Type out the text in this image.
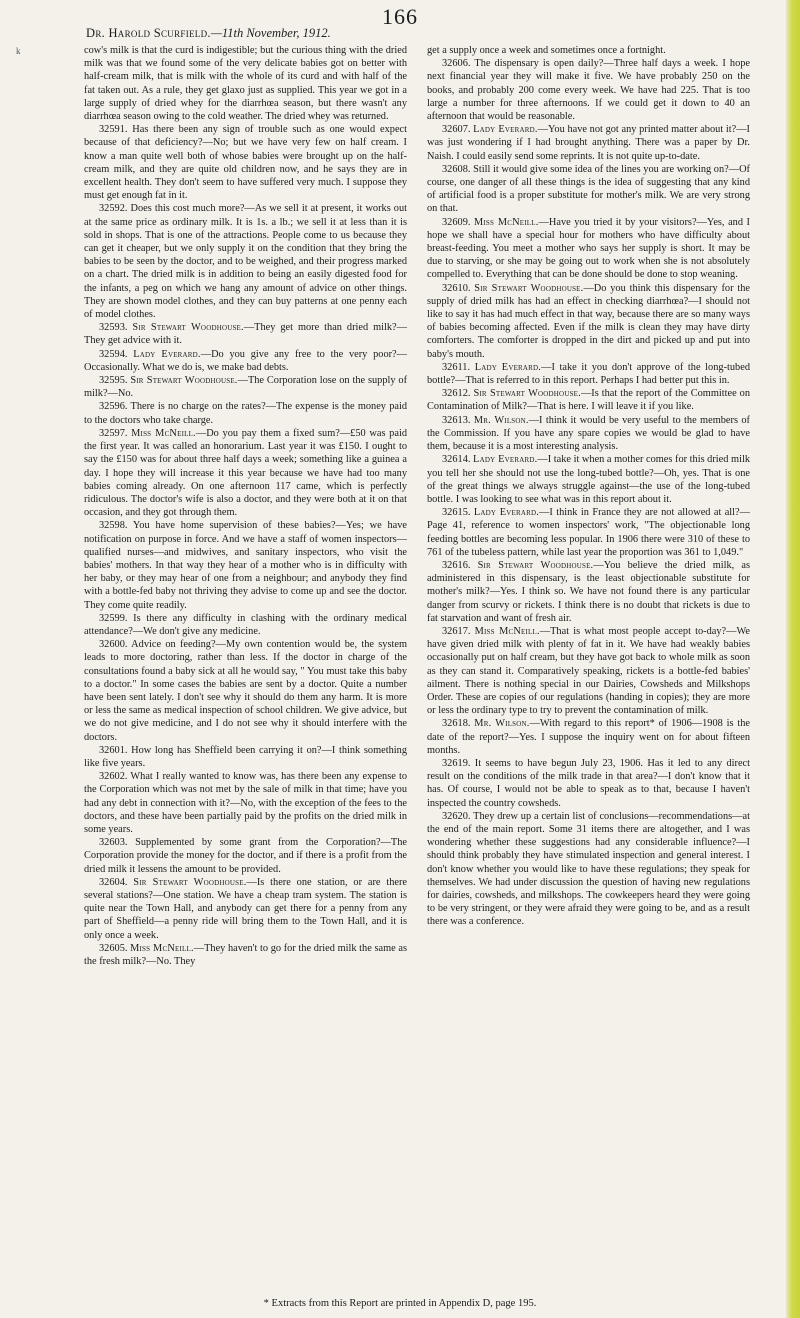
166
k
Dr. Harold Scurfield.—11th November, 1912.

cow's milk is that the curd is indigestible; but the curious thing with the dried milk was that we found some of the very delicate babies got on better with half-cream milk, that is milk with the whole of its curd and with half of the fat taken out. As a rule, they get glaxo just as supplied. This year we got in a large supply of dried whey for the diarrhœa season, but there wasn't any diarrhœa season owing to the cold weather. The dried whey was returned.

32591. Has there been any sign of trouble such as one would expect because of that deficiency?—No; but we have very few on half cream. I know a man quite well both of whose babies were brought up on the half-cream milk, and they are quite old children now, and he says they are in excellent health. They don't seem to have suffered very much. I suppose they must get enough fat in it.

32592. Does this cost much more?—As we sell it at present, it works out at the same price as ordinary milk. It is 1s. a lb.; we sell it at less than it is sold in shops. That is one of the attractions. People come to us because they can get it cheaper, but we only supply it on the condition that they bring the babies to be seen by the doctor, and to be weighed, and their progress marked on a chart. The dried milk is in addition to being an easily digested food for the infants, a peg on which we hang any amount of advice on other things. They are shown model clothes, and they can buy patterns at one penny each of model clothes.

32593. Sir Stewart Woodhouse.—They get more than dried milk?—They get advice with it.

32594. Lady Everard.—Do you give any free to the very poor?—Occasionally. What we do is, we make bad debts.

32595. Sir Stewart Woodhouse.—The Corporation lose on the supply of milk?—No.

32596. There is no charge on the rates?—The expense is the money paid to the doctors who take charge.

32597. Miss McNeill.—Do you pay them a fixed sum?—£50 was paid the first year. It was called an honorarium. Last year it was £150. I ought to say the £150 was for about three half days a week; something like a guinea a day. I hope they will increase it this year because we have had too many babies coming already. On one afternoon 117 came, which is perfectly ridiculous. The doctor's wife is also a doctor, and they were both at it on that occasion, and they got through them.

32598. You have home supervision of these babies?—Yes; we have notification on purpose in force. And we have a staff of women inspectors—qualified nurses—and midwives, and sanitary inspectors, who visit the babies' mothers. In that way they hear of a mother who is in difficulty with her baby, or they may hear of one from a neighbour; and anybody they find with a bottle-fed baby not thriving they advise to come up and see the doctor. They come quite readily.

32599. Is there any difficulty in clashing with the ordinary medical attendance?—We don't give any medicine.

32600. Advice on feeding?—My own contention would be, the system leads to more doctoring, rather than less. If the doctor in charge of the consultations found a baby sick at all he would say, " You must take this baby to a doctor." In some cases the babies are sent by a doctor. Quite a number have been sent lately. I don't see why it should do them any harm. It is more or less the same as medical inspection of school children. We give advice, but we do not give medicine, and I do not see why it should interfere with the doctors.

32601. How long has Sheffield been carrying it on?—I think something like five years.

32602. What I really wanted to know was, has there been any expense to the Corporation which was not met by the sale of milk in that time; have you had any debt in connection with it?—No, with the exception of the fees to the doctors, and these have been partially paid by the profits on the dried milk in some years.

32603. Supplemented by some grant from the Corporation?—The Corporation provide the money for the doctor, and if there is a profit from the dried milk it lessens the amount to be provided.

32604. Sir Stewart Woodhouse.—Is there one station, or are there several stations?—One station. We have a cheap tram system. The station is quite near the Town Hall, and anybody can get there for a penny from any part of Sheffield—a penny ride will bring them to the Town Hall, and it is only once a week.

32605. Miss McNeill.—They haven't to go for the dried milk the same as the fresh milk?—No. They

get a supply once a week and sometimes once a fortnight.

32606. The dispensary is open daily?—Three half days a week. I hope next financial year they will make it five. We have probably 250 on the books, and probably 200 come every week. We have had 225. That is too large a number for three afternoons. If we could get it down to 40 an afternoon that would be reasonable.

32607. Lady Everard.—You have not got any printed matter about it?—I was just wondering if I had brought anything. There was a paper by Dr. Naish. I could easily send some reprints. It is not quite up-to-date.

32608. Still it would give some idea of the lines you are working on?—Of course, one danger of all these things is the idea of suggesting that any kind of artificial food is a proper substitute for mother's milk. We are very strong on that.

32609. Miss McNeill.—Have you tried it by your visitors?—Yes, and I hope we shall have a special hour for mothers who have difficulty about breast-feeding. You meet a mother who says her supply is short. It may be due to starving, or she may be going out to work when she is not absolutely compelled to. Everything that can be done should be done to stop weaning.

32610. Sir Stewart Woodhouse.—Do you think this dispensary for the supply of dried milk has had an effect in checking diarrhœa?—I should not like to say it has had much effect in that way, because there are so many ways of babies becoming affected. Even if the milk is clean they may have dirty comforters. The comforter is dropped in the dirt and picked up and put into baby's mouth.

32611. Lady Everard.—I take it you don't approve of the long-tubed bottle?—That is referred to in this report. Perhaps I had better put this in.

32612. Sir Stewart Woodhouse.—Is that the report of the Committee on Contamination of Milk?—That is here. I will leave it if you like.

32613. Mr. Wilson.—I think it would be very useful to the members of the Commission. If you have any spare copies we would be glad to have them, because it is a most interesting analysis.

32614. Lady Everard.—I take it when a mother comes for this dried milk you tell her she should not use the long-tubed bottle?—Oh, yes. That is one of the great things we always struggle against—the use of the long-tubed bottle. I was looking to see what was in this report about it.

32615. Lady Everard.—I think in France they are not allowed at all?—Page 41, reference to women inspectors' work, "The objectionable long feeding bottles are becoming less popular. In 1906 there were 310 of these to 761 of the tubeless pattern, while last year the proportion was 361 to 1,049."

32616. Sir Stewart Woodhouse.—You believe the dried milk, as administered in this dispensary, is the least objectionable substitute for mother's milk?—Yes. I think so. We have not found there is any particular danger from scurvy or rickets. I think there is no doubt that rickets is due to fat starvation and want of fresh air.

32617. Miss McNeill.—That is what most people accept to-day?—We have given dried milk with plenty of fat in it. We have had weakly babies occasionally put on half cream, but they have got back to whole milk as soon as they can stand it. Comparatively speaking, rickets is a bottle-fed babies' ailment. There is nothing special in our Dairies, Cowsheds and Milkshops Order. These are copies of our regulations (handing in copies); they are more or less the ordinary type to try to prevent the contamination of milk.

32618. Mr. Wilson.—With regard to this report* of 1906—1908 is the date of the report?—Yes. I suppose the inquiry went on for about fifteen months.

32619. It seems to have begun July 23, 1906. Has it led to any direct result on the conditions of the milk trade in that area?—I don't know that it has. Of course, I would not be able to speak as to that, because I haven't inspected the country cowsheds.

32620. They drew up a certain list of conclusions—recommendations—at the end of the main report. Some 31 items there are altogether, and I was wondering whether these suggestions had any considerable influence?—I should think probably they have stimulated inspection and general interest. I don't know whether you would like to have these regulations; they speak for themselves. We had under discussion the question of having new regulations for dairies, cowsheds, and milkshops. The cowkeepers heard they were going to be very stringent, or they were afraid they were going to be, and as a result there was a conference.

* Extracts from this Report are printed in Appendix D, page 195.
